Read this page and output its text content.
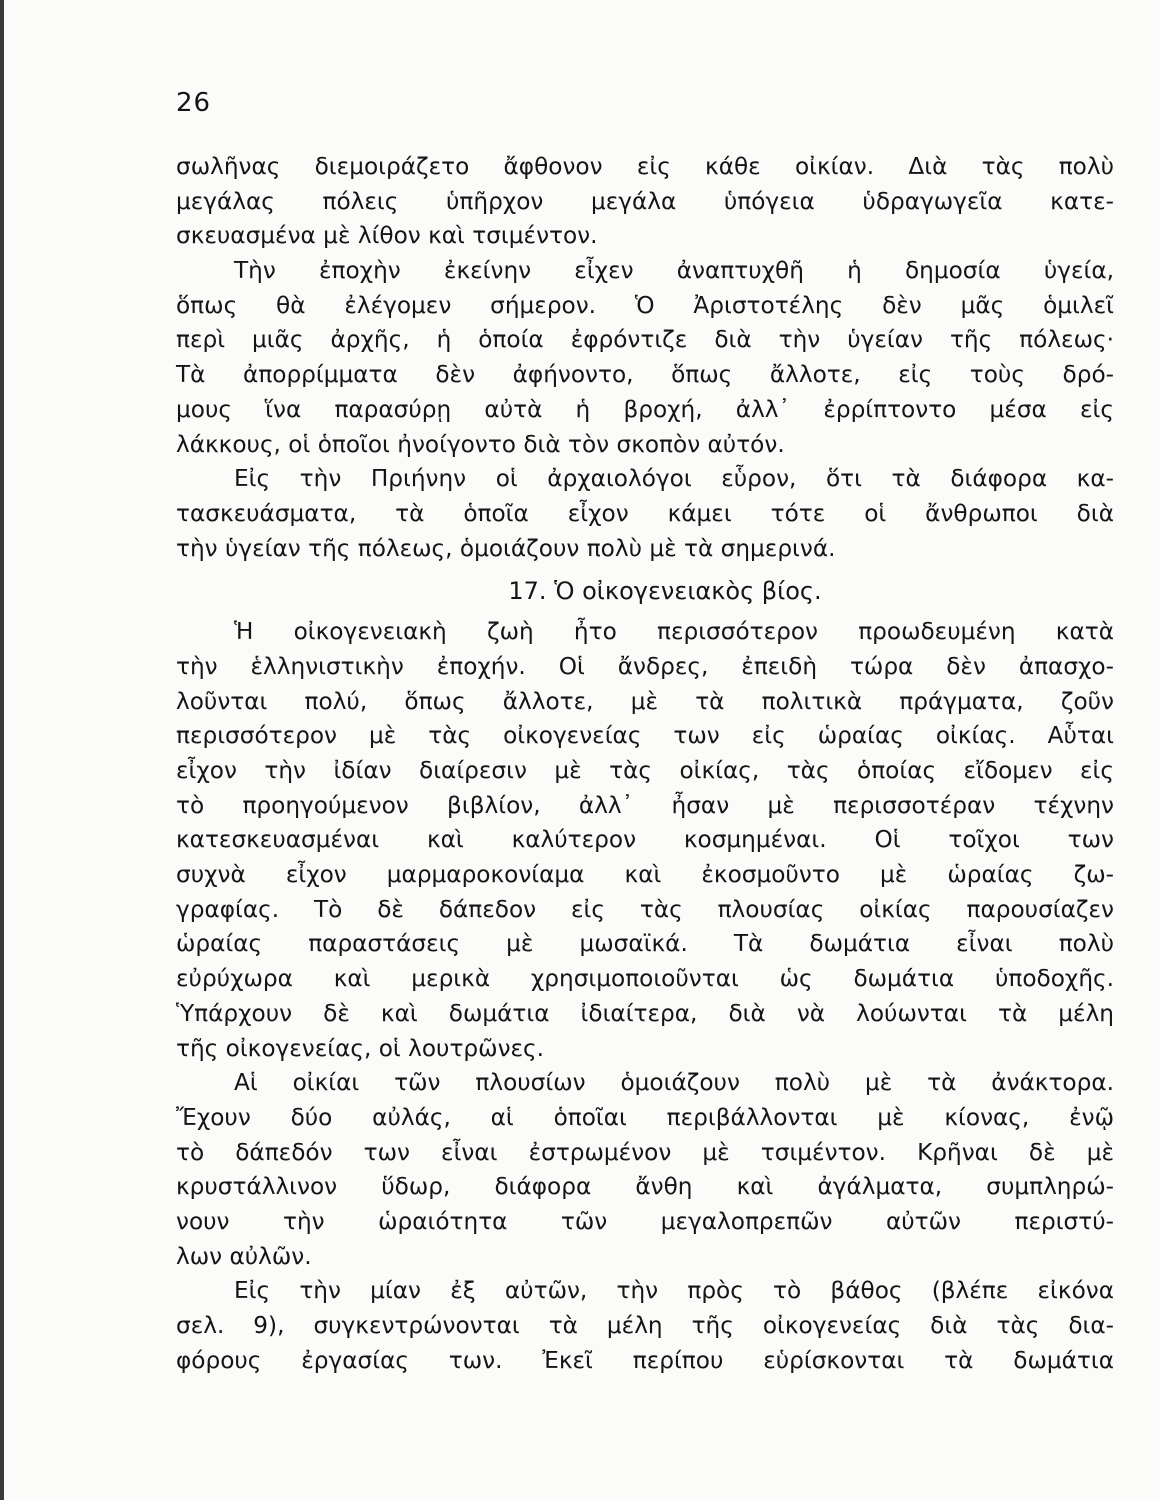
26
σωλῆνας διεμοιράζετο ἄφθονον εἰς κάθε οἰκίαν. Διὰ τὰς πολὺ
μεγάλας πόλεις ὑπῆρχον μεγάλα ὑπόγεια ὑδραγωγεῖα κατε-
σκευασμένα μὲ λίθον καὶ τσιμέντον.
Τὴν ἐποχὴν ἐκείνην εἶχεν ἀναπτυχθῆ ἡ δημοσία ὑγεία,
ὅπως θὰ ἐλέγομεν σήμερον. Ὁ Ἀριστοτέλης δὲν μᾶς ὁμιλεῖ
περὶ μιᾶς ἀρχῆς, ἡ ὁποία ἐφρόντιζε διὰ τὴν ὑγείαν τῆς πόλεως·
Τὰ ἀπορρίμματα δὲν ἀφήνοντο, ὅπως ἄλλοτε, εἰς τοὺς δρό-
μους ἵνα παρασύρῃ αὐτὰ ἡ βροχή, ἀλλ᾽ ἐρρίπτοντο μέσα εἰς
λάκκους, οἱ ὁποῖοι ἠνοίγοντο διὰ τὸν σκοπὸν αὐτόν.
Εἰς τὴν Πριήνην οἱ ἀρχαιολόγοι εὗρον, ὅτι τὰ διάφορα κα-
τασκευάσματα, τὰ ὁποῖα εἶχον κάμει τότε οἱ ἄνθρωποι διὰ
τὴν ὑγείαν τῆς πόλεως, ὁμοιάζουν πολὺ μὲ τὰ σημερινά.
17. Ὁ οἰκογενειακὸς βίος.
Ἡ οἰκογενειακὴ ζωὴ ἦτο περισσότερον προωδευμένη κατὰ
τὴν ἑλληνιστικὴν ἐποχήν. Οἱ ἄνδρες, ἐπειδὴ τώρα δὲν ἀπασχο-
λοῦνται πολύ, ὅπως ἄλλοτε, μὲ τὰ πολιτικὰ πράγματα, ζοῦν
περισσότερον μὲ τὰς οἰκογενείας των εἰς ὡραίας οἰκίας. Αὗται
εἶχον τὴν ἰδίαν διαίρεσιν μὲ τὰς οἰκίας, τὰς ὁποίας εἴδομεν εἰς
τὸ προηγούμενον βιβλίον, ἀλλ᾽ ἦσαν μὲ περισσοτέραν τέχνην
κατεσκευασμέναι καὶ καλύτερον κοσμημέναι. Οἱ τοῖχοι των
συχνὰ εἶχον μαρμαροκονίαμα καὶ ἐκοσμοῦντο μὲ ὡραίας ζω-
γραφίας. Τὸ δὲ δάπεδον εἰς τὰς πλουσίας οἰκίας παρουσίαζεν
ὡραίας παραστάσεις μὲ μωσαϊκά. Τὰ δωμάτια εἶναι πολὺ
εὐρύχωρα καὶ μερικὰ χρησιμοποιοῦνται ὡς δωμάτια ὑποδοχῆς.
Ὑπάρχουν δὲ καὶ δωμάτια ἰδιαίτερα, διὰ νὰ λούωνται τὰ μέλη
τῆς οἰκογενείας, οἱ λουτρῶνες.
Αἱ οἰκίαι τῶν πλουσίων ὁμοιάζουν πολὺ μὲ τὰ ἀνάκτορα.
Ἔχουν δύο αὐλάς, αἱ ὁποῖαι περιβάλλονται μὲ κίονας, ἐνῷ
τὸ δάπεδόν των εἶναι ἐστρωμένον μὲ τσιμέντον. Κρῆναι δὲ μὲ
κρυστάλλινον ὕδωρ, διάφορα ἄνθη καὶ ἀγάλματα, συμπληρώ-
νουν τὴν ὡραιότητα τῶν μεγαλοπρεπῶν αὐτῶν περιστύ-
λων αὐλῶν.
Εἰς τὴν μίαν ἐξ αὐτῶν, τὴν πρὸς τὸ βάθος (βλέπε εἰκόνα
σελ. 9), συγκεντρώνονται τὰ μέλη τῆς οἰκογενείας διὰ τὰς δια-
φόρους ἐργασίας των. Ἐκεῖ περίπου εὑρίσκονται τὰ δωμάτια
